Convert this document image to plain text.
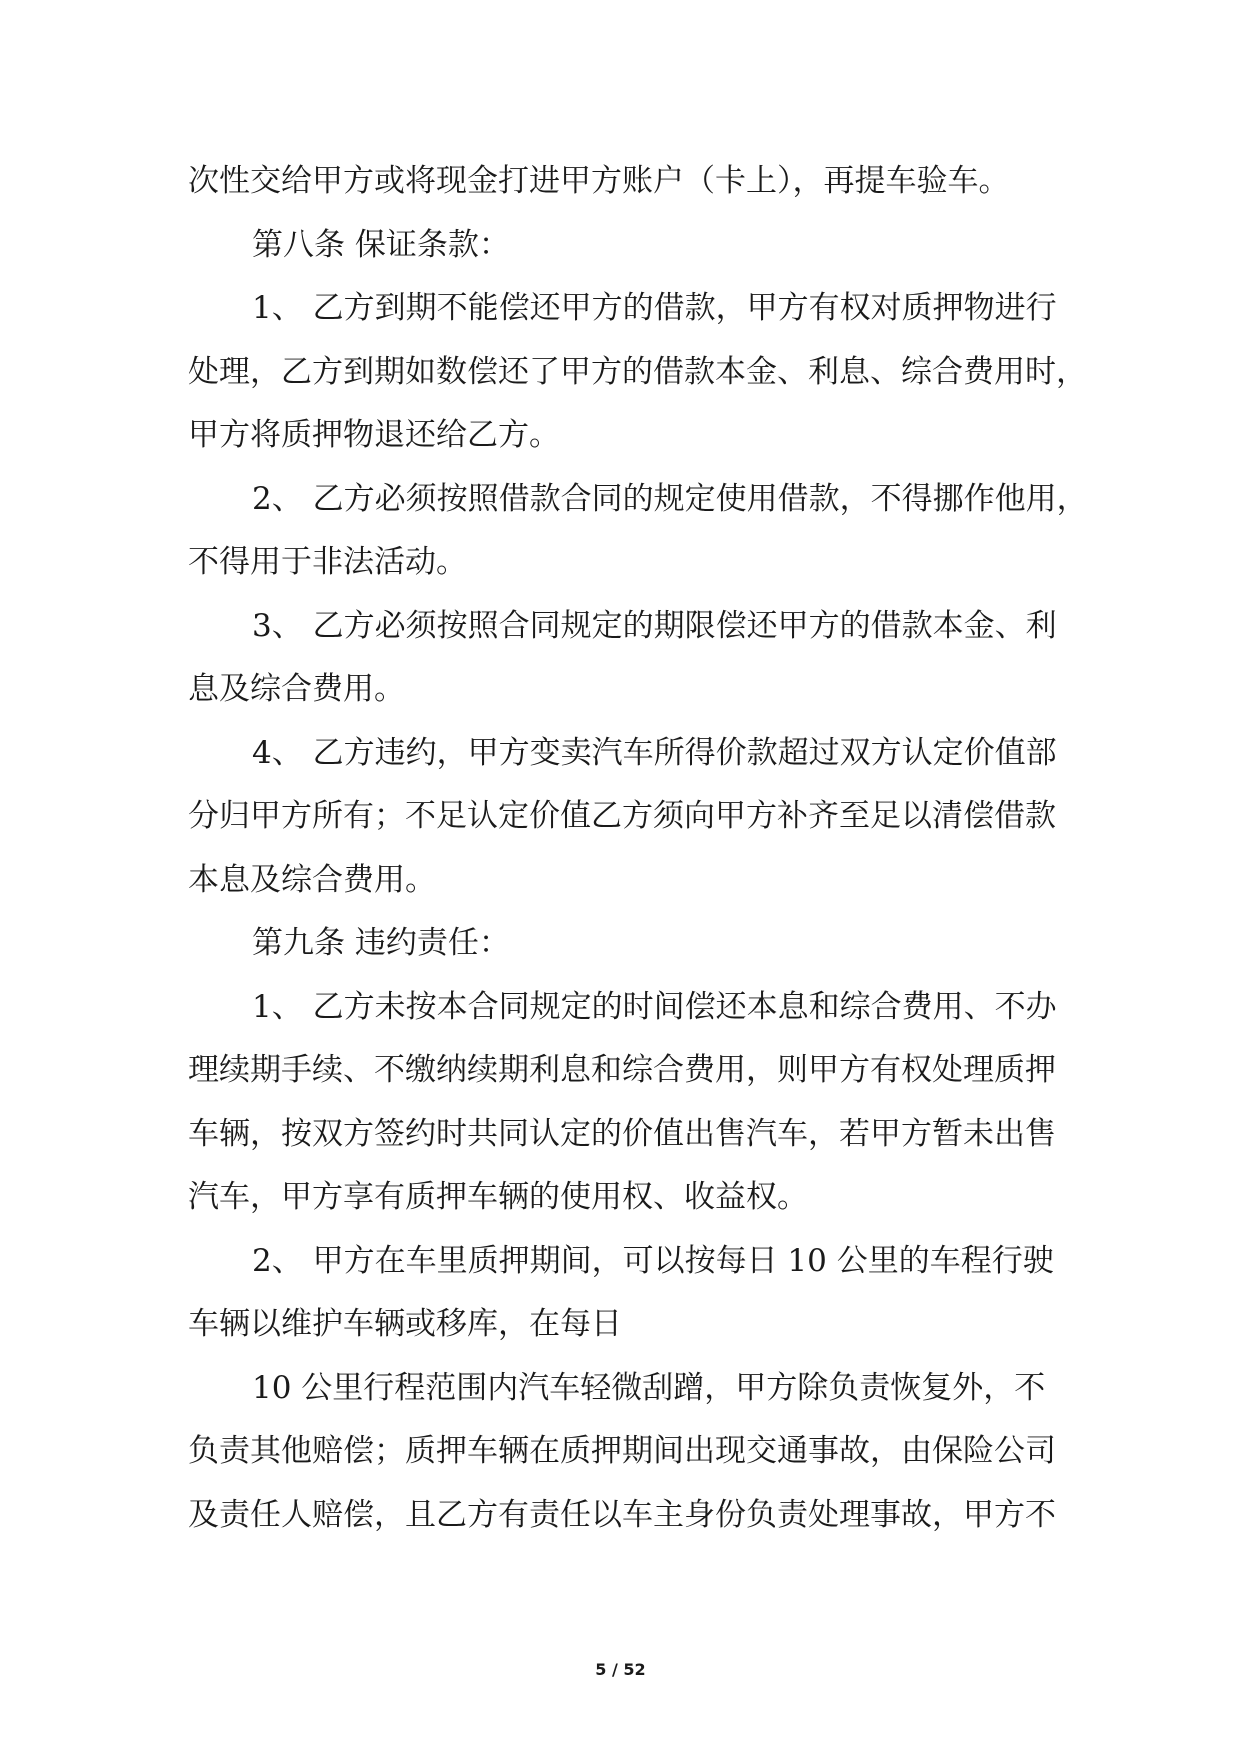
次性交给甲方或将现金打进甲方账户（卡上），再提车验车。
第八条 保证条款：
1、 乙方到期不能偿还甲方的借款，甲方有权对质押物进行
处理，乙方到期如数偿还了甲方的借款本金、利息、综合费用时，
甲方将质押物退还给乙方。
2、 乙方必须按照借款合同的规定使用借款，不得挪作他用，
不得用于非法活动。
3、 乙方必须按照合同规定的期限偿还甲方的借款本金、利
息及综合费用。
4、 乙方违约，甲方变卖汽车所得价款超过双方认定价值部
分归甲方所有；不足认定价值乙方须向甲方补齐至足以清偿借款
本息及综合费用。
第九条 违约责任：
1、 乙方未按本合同规定的时间偿还本息和综合费用、不办
理续期手续、不缴纳续期利息和综合费用，则甲方有权处理质押
车辆，按双方签约时共同认定的价值出售汽车，若甲方暂未出售
汽车，甲方享有质押车辆的使用权、收益权。
2、 甲方在车里质押期间，可以按每日 10 公里的车程行驶
车辆以维护车辆或移库，在每日
10 公里行程范围内汽车轻微刮蹭，甲方除负责恢复外，不
负责其他赔偿；质押车辆在质押期间出现交通事故，由保险公司
及责任人赔偿，且乙方有责任以车主身份负责处理事故，甲方不
5 / 52
